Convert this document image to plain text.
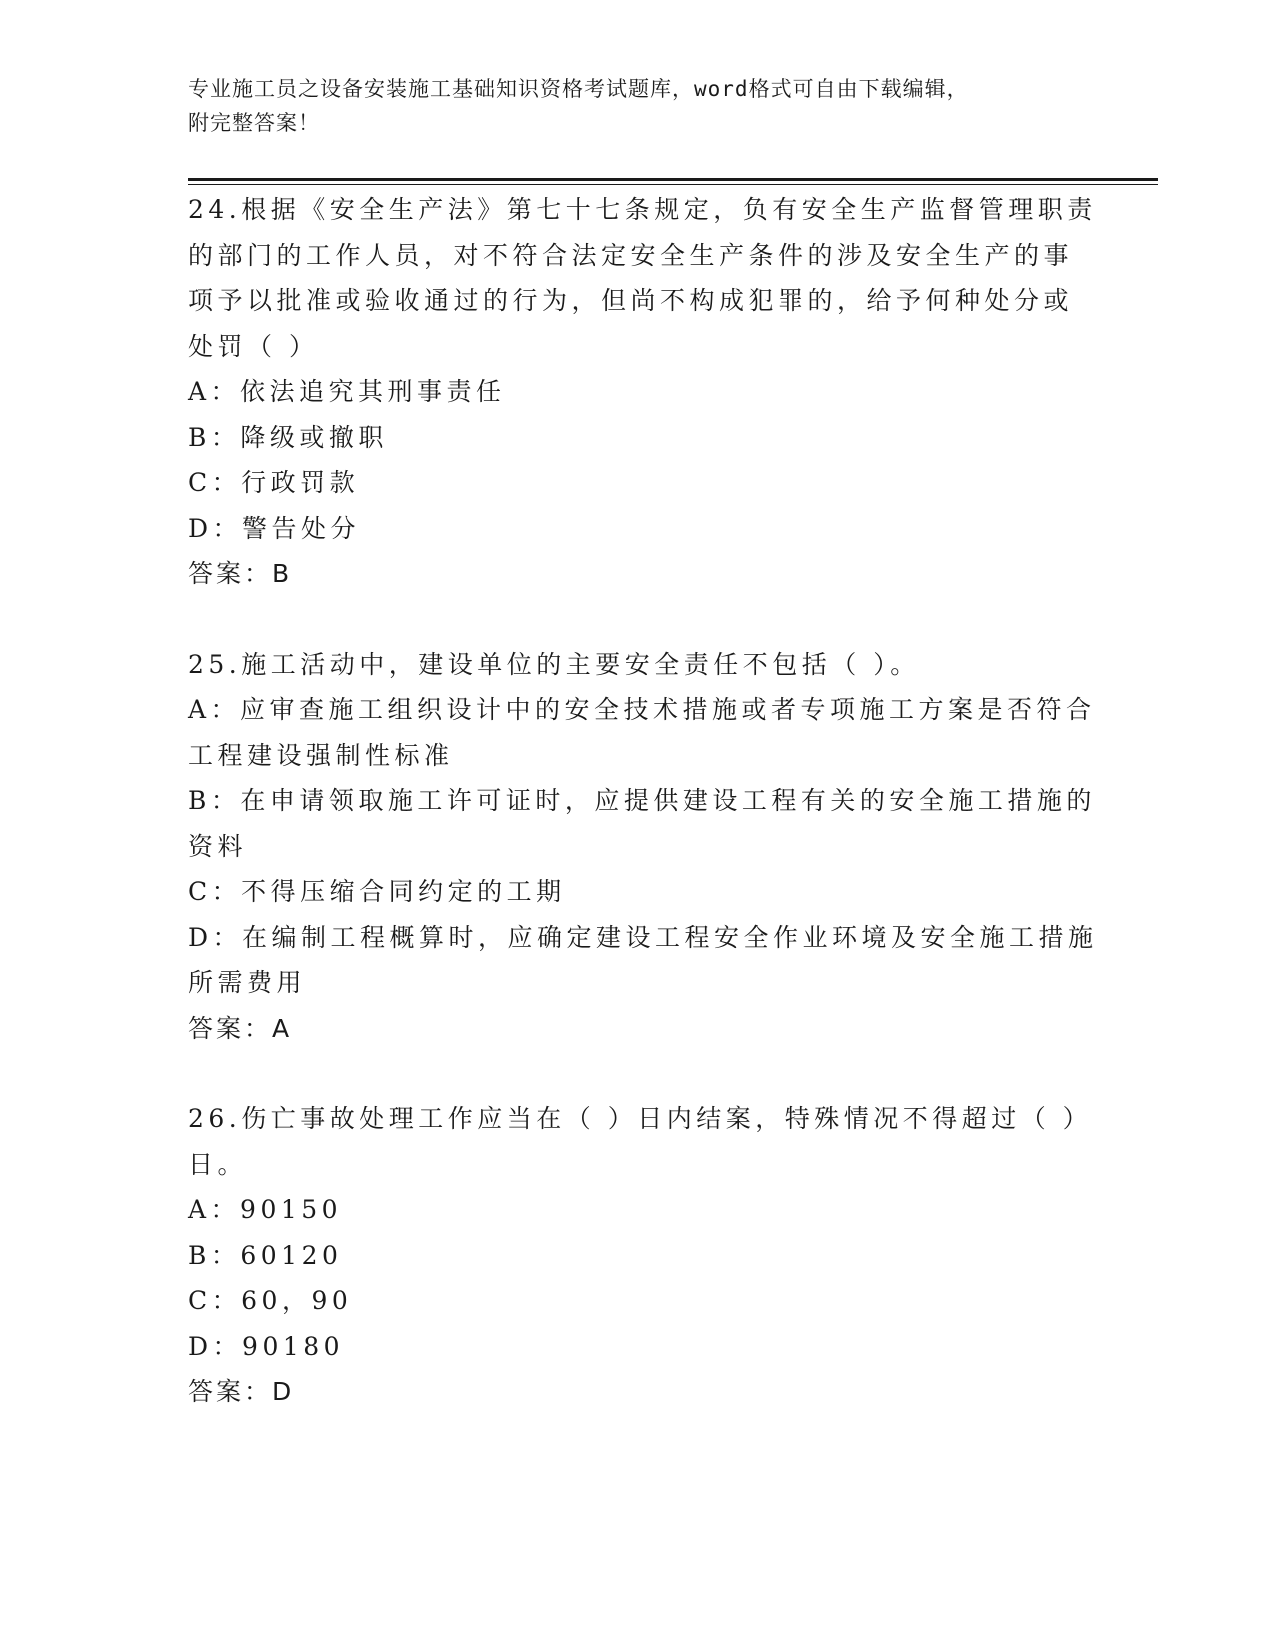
专业施工员之设备安装施工基础知识资格考试题库，word格式可自由下载编辑，
附完整答案！
24.根据《安全生产法》第七十七条规定，负有安全生产监督管理职责
的部门的工作人员，对不符合法定安全生产条件的涉及安全生产的事
项予以批准或验收通过的行为，但尚不构成犯罪的，给予何种处分或
处罚（ ）
A：依法追究其刑事责任
B：降级或撤职
C：行政罚款
D：警告处分
答案：B
25.施工活动中，建设单位的主要安全责任不包括（ ）。
A：应审查施工组织设计中的安全技术措施或者专项施工方案是否符合
工程建设强制性标准
B：在申请领取施工许可证时，应提供建设工程有关的安全施工措施的
资料
C：不得压缩合同约定的工期
D：在编制工程概算时，应确定建设工程安全作业环境及安全施工措施
所需费用
答案：A
26.伤亡事故处理工作应当在（ ）日内结案，特殊情况不得超过（ ）
日。
A：90150
B：60120
C：60，90
D：90180
答案：D
